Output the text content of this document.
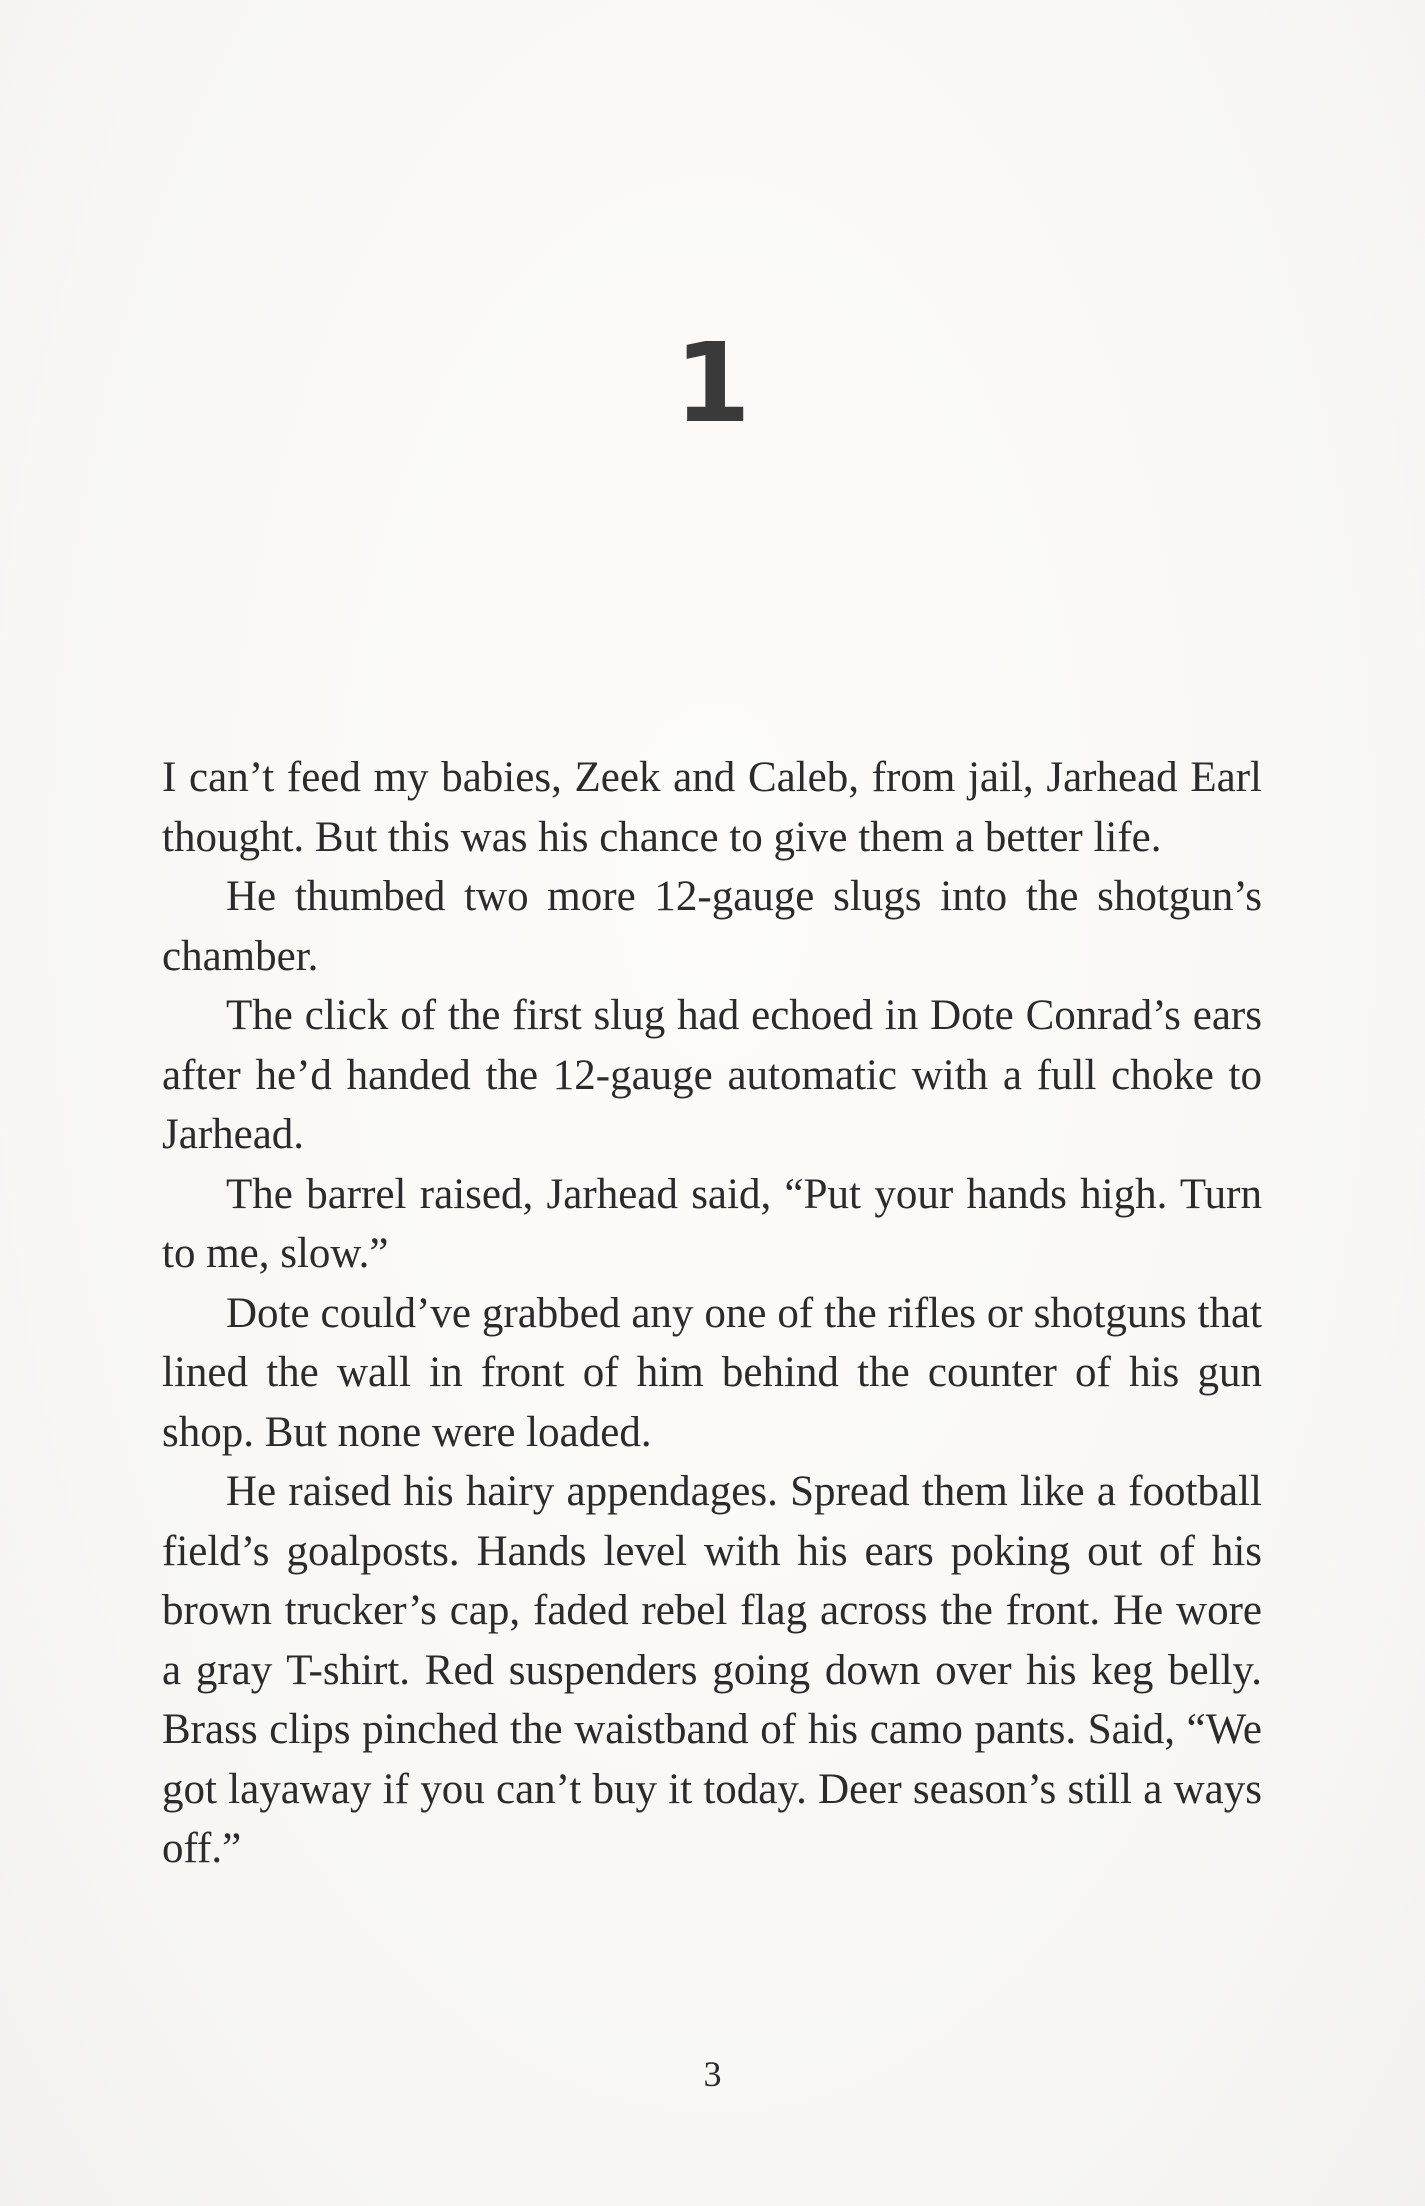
1

I can’t feed my babies, Zeek and Caleb, from jail, Jarhead Earl thought. But this was his chance to give them a better life.

He thumbed two more 12-gauge slugs into the shotgun’s chamber.

The click of the first slug had echoed in Dote Conrad’s ears after he’d handed the 12-gauge automatic with a full choke to Jarhead.

The barrel raised, Jarhead said, “Put your hands high. Turn to me, slow.”

Dote could’ve grabbed any one of the rifles or shotguns that lined the wall in front of him behind the counter of his gun shop. But none were loaded.

He raised his hairy appendages. Spread them like a football field’s goalposts. Hands level with his ears poking out of his brown trucker’s cap, faded rebel flag across the front. He wore a gray T-shirt. Red suspenders going down over his keg belly. Brass clips pinched the waistband of his camo pants. Said, “We got layaway if you can’t buy it today. Deer season’s still a ways off.”

3
